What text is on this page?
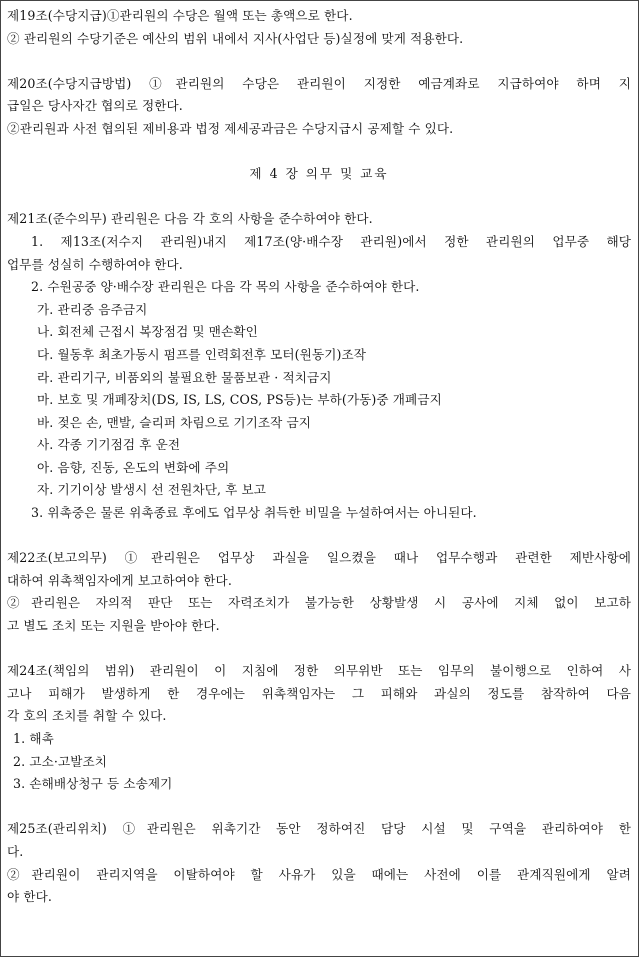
제19조(수당지급)①관리원의 수당은 월액 또는 총액으로 한다.
② 관리원의 수당기준은 예산의 범위 내에서 지사(사업단 등)실정에 맞게 적용한다.
제20조(수당지급방법) ①관리원의 수당은 관리원이 지정한 예금계좌로 지급하여야 하며 지
급일은 당사자간 협의로 정한다.
②관리원과 사전 협의된 제비용과 법정 제세공과금은 수당지급시 공제할 수 있다.
제 4 장 의무 및 교육
제21조(준수의무) 관리원은 다음 각 호의 사항을 준수하여야 한다.
1. 제13조(저수지 관리원)내지 제17조(양·배수장 관리원)에서 정한 관리원의 업무중 해당
업무를 성실히 수행하여야 한다.
2. 수원공중 양·배수장 관리원은 다음 각 목의 사항을 준수하여야 한다.
가. 관리중 음주금지
나. 회전체 근접시 복장점검 및 맨손확인
다. 월동후 최초가동시 펌프를 인력회전후 모터(원동기)조작
라. 관리기구, 비품외의 불필요한 물품보관 · 적치금지
마. 보호 및 개폐장치(DS, IS, LS, COS, PS등)는 부하(가동)중 개폐금지
바. 젖은 손, 맨발, 슬리퍼 차림으로 기기조작 금지
사. 각종 기기점검 후 운전
아. 음향, 진동, 온도의 변화에 주의
자. 기기이상 발생시 선 전원차단, 후 보고
3. 위촉중은 물론 위촉종료 후에도 업무상 취득한 비밀을 누설하여서는 아니된다.
제22조(보고의무) ①관리원은 업무상 과실을 일으켰을 때나 업무수행과 관련한 제반사항에
대하여 위촉책임자에게 보고하여야 한다.
②관리원은 자의적 판단 또는 자력조치가 불가능한 상황발생 시 공사에 지체 없이 보고하
고 별도 조치 또는 지원을 받아야 한다.
제24조(책임의 범위) 관리원이 이 지침에 정한 의무위반 또는 임무의 불이행으로 인하여 사
고나 피해가 발생하게 한 경우에는 위촉책임자는 그 피해와 과실의 정도를 참작하여 다음
각 호의 조치를 취할 수 있다.
1. 해촉
2. 고소·고발조치
3. 손해배상청구 등 소송제기
제25조(관리위치) ①관리원은 위촉기간 동안 정하여진 담당 시설 및 구역을 관리하여야 한
다.
②관리원이 관리지역을 이탈하여야 할 사유가 있을 때에는 사전에 이를 관계직원에게 알려
야 한다.
